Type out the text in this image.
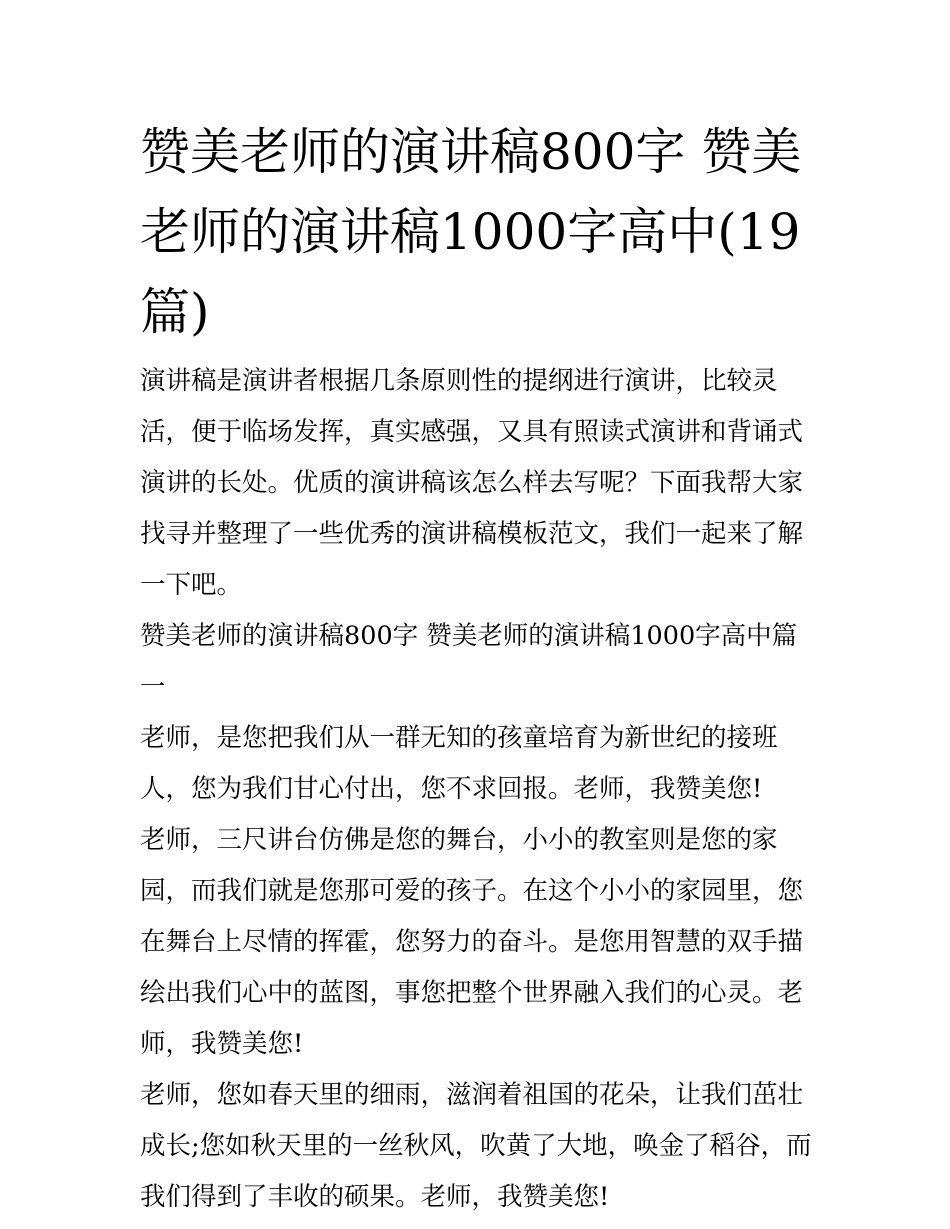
赞美老师的演讲稿800字 赞美老师的演讲稿1000字高中(19篇)

演讲稿是演讲者根据几条原则性的提纲进行演讲，比较灵活，便于临场发挥，真实感强，又具有照读式演讲和背诵式演讲的长处。优质的演讲稿该怎么样去写呢？下面我帮大家找寻并整理了一些优秀的演讲稿模板范文，我们一起来了解一下吧。

赞美老师的演讲稿800字 赞美老师的演讲稿1000字高中篇一

老师，是您把我们从一群无知的孩童培育为新世纪的接班人，您为我们甘心付出，您不求回报。老师，我赞美您!

老师，三尺讲台仿佛是您的舞台，小小的教室则是您的家园，而我们就是您那可爱的孩子。在这个小小的家园里，您在舞台上尽情的挥霍，您努力的奋斗。是您用智慧的双手描绘出我们心中的蓝图，事您把整个世界融入我们的心灵。老师，我赞美您!

老师，您如春天里的细雨，滋润着祖国的花朵，让我们茁壮成长;您如秋天里的一丝秋风，吹黄了大地，唤金了稻谷，而我们得到了丰收的硕果。老师，我赞美您!
